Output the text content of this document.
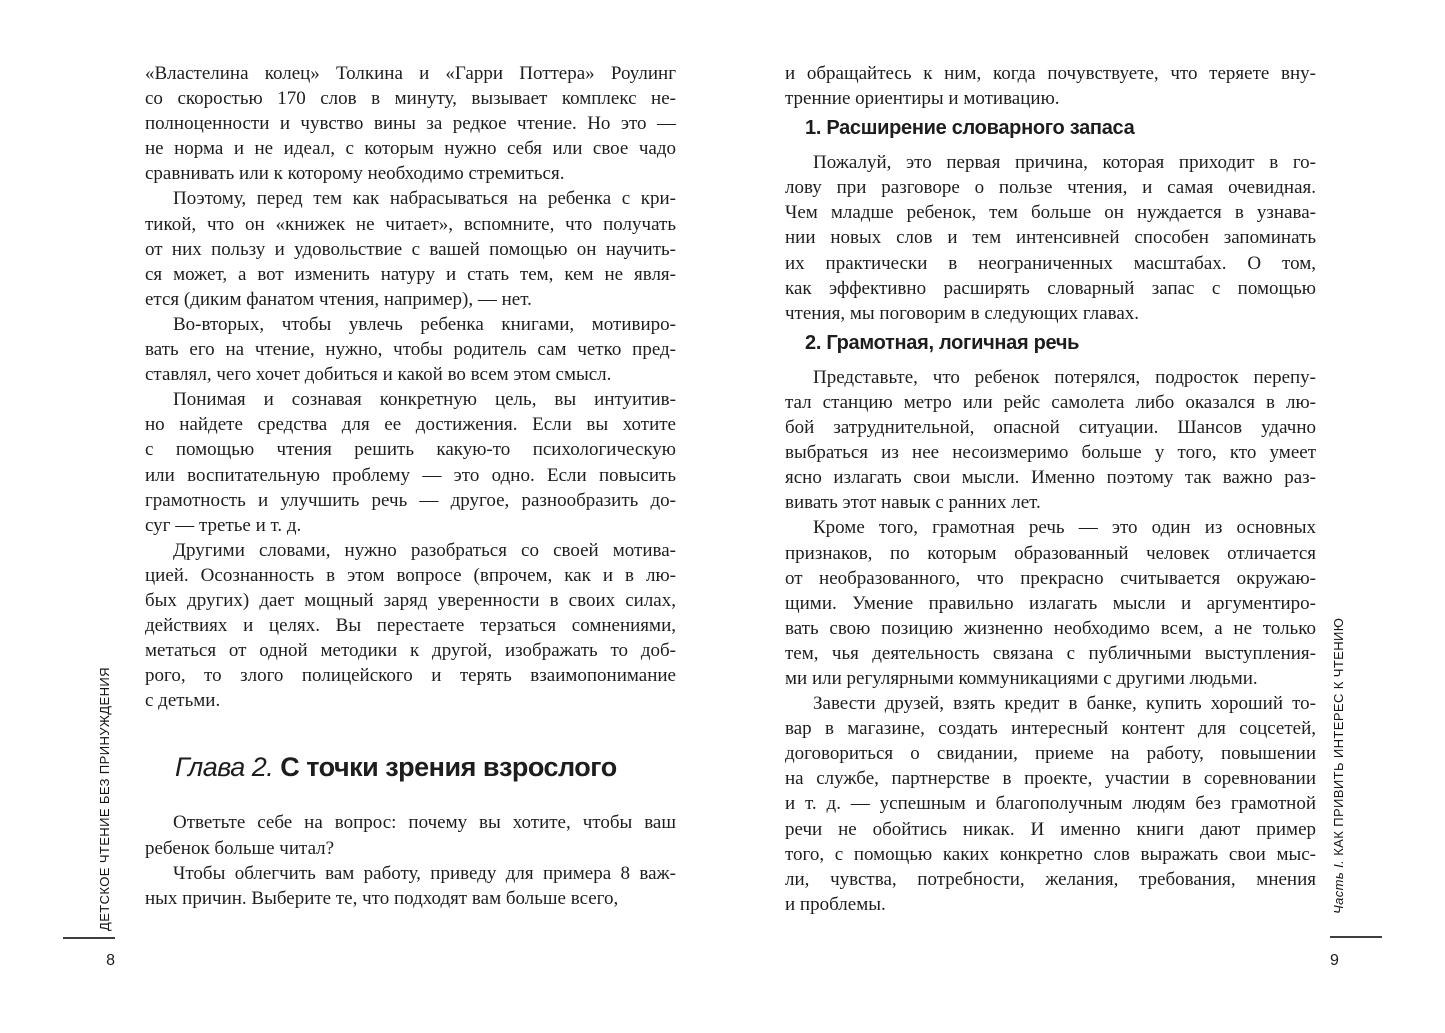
«Властелина колец» Толкина и «Гарри Поттера» Роулинг
со скоростью 170 слов в минуту, вызывает комплекс не-
полноценности и чувство вины за редкое чтение. Но это —
не норма и не идеал, с которым нужно себя или свое чадо
сравнивать или к которому необходимо стремиться.
Поэтому, перед тем как набрасываться на ребенка с кри-
тикой, что он «книжек не читает», вспомните, что получать
от них пользу и удовольствие с вашей помощью он научить-
ся может, а вот изменить натуру и стать тем, кем не явля-
ется (диким фанатом чтения, например), — нет.
Во-вторых, чтобы увлечь ребенка книгами, мотивиро-
вать его на чтение, нужно, чтобы родитель сам четко пред-
ставлял, чего хочет добиться и какой во всем этом смысл.
Понимая и сознавая конкретную цель, вы интуитив-
но найдете средства для ее достижения. Если вы хотите
с помощью чтения решить какую-то психологическую
или воспитательную проблему — это одно. Если повысить
грамотность и улучшить речь — другое, разнообразить до-
суг — третье и т. д.
Другими словами, нужно разобраться со своей мотива-
цией. Осознанность в этом вопросе (впрочем, как и в лю-
бых других) дает мощный заряд уверенности в своих силах,
действиях и целях. Вы перестаете терзаться сомнениями,
метаться от одной методики к другой, изображать то доб-
рого, то злого полицейского и терять взаимопонимание
с детьми.
Глава 2. С точки зрения взрослого
Ответьте себе на вопрос: почему вы хотите, чтобы ваш
ребенок больше читал?
Чтобы облегчить вам работу, приведу для примера 8 важ-
ных причин. Выберите те, что подходят вам больше всего,
и обращайтесь к ним, когда почувствуете, что теряете вну-
тренние ориентиры и мотивацию.
1. Расширение словарного запаса
Пожалуй, это первая причина, которая приходит в го-
лову при разговоре о пользе чтения, и самая очевидная.
Чем младше ребенок, тем больше он нуждается в узнава-
нии новых слов и тем интенсивней способен запоминать
их практически в неограниченных масштабах. О том,
как эффективно расширять словарный запас с помощью
чтения, мы поговорим в следующих главах.
2. Грамотная, логичная речь
Представьте, что ребенок потерялся, подросток перепу-
тал станцию метро или рейс самолета либо оказался в лю-
бой затруднительной, опасной ситуации. Шансов удачно
выбраться из нее несоизмеримо больше у того, кто умеет
ясно излагать свои мысли. Именно поэтому так важно раз-
вивать этот навык с ранних лет.
Кроме того, грамотная речь — это один из основных
признаков, по которым образованный человек отличается
от необразованного, что прекрасно считывается окружаю-
щими. Умение правильно излагать мысли и аргументиро-
вать свою позицию жизненно необходимо всем, а не только
тем, чья деятельность связана с публичными выступления-
ми или регулярными коммуникациями с другими людьми.
Завести друзей, взять кредит в банке, купить хороший то-
вар в магазине, создать интересный контент для соцсетей,
договориться о свидании, приеме на работу, повышении
на службе, партнерстве в проекте, участии в соревновании
и т. д. — успешным и благополучным людям без грамотной
речи не обойтись никак. И именно книги дают пример
того, с помощью каких конкретно слов выражать свои мыс-
ли, чувства, потребности, желания, требования, мнения
и проблемы.
ДЕТСКОЕ ЧТЕНИЕ БЕЗ ПРИНУЖДЕНИЯ	Часть I. КАК ПРИВИТЬ ИНТЕРЕС К ЧТЕНИЮ
8	9
